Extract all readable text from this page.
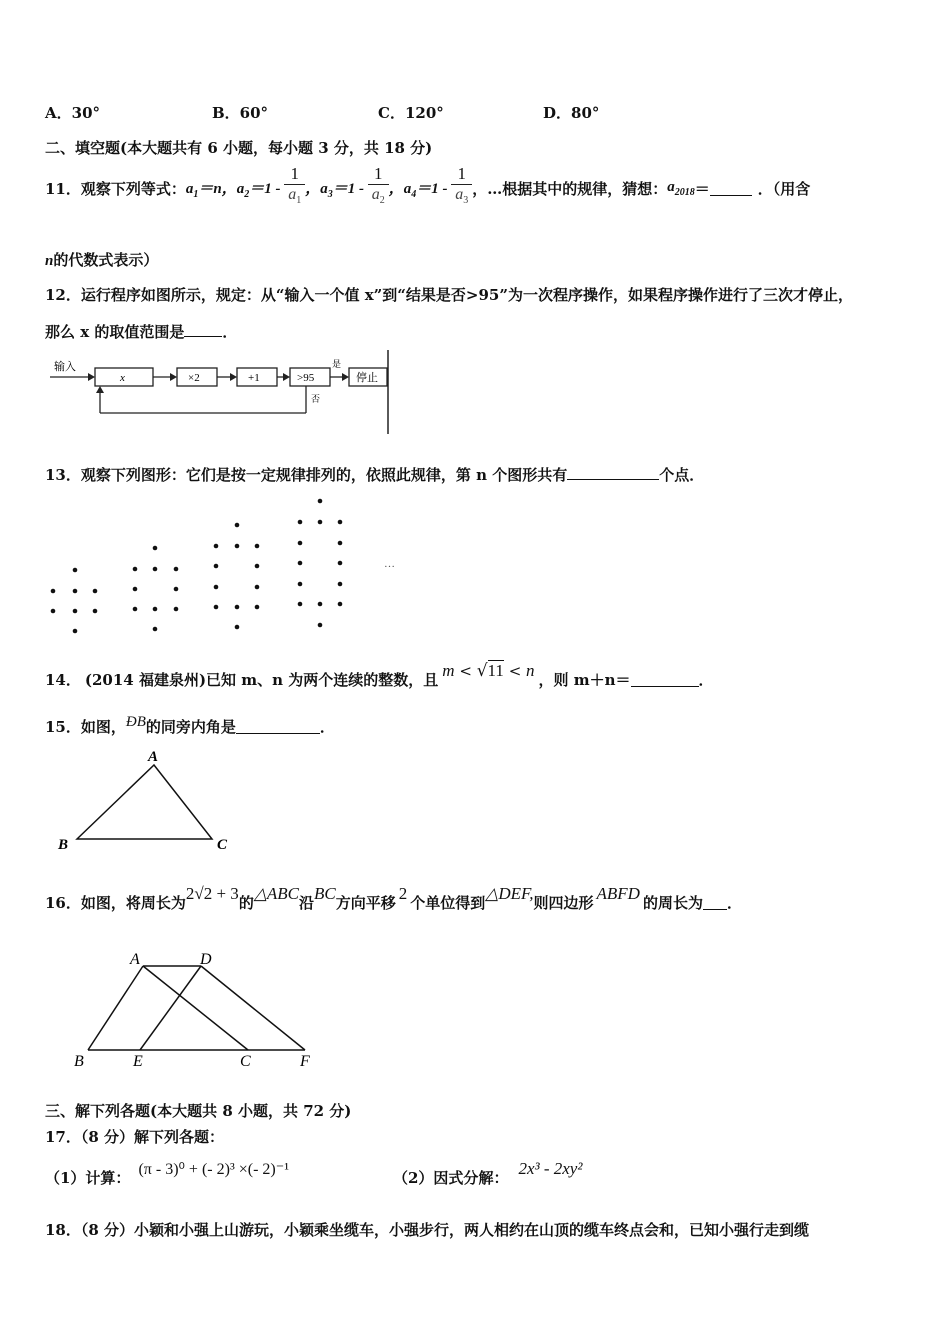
A．30°	B．60°	C．120°	D．80°
二、填空题(本大题共有 6 小题，每小题 3 分，共 18 分)
11． 观察下列等式： $a_1=n$，$a_2=1 - \frac{1}{a_1}$ ，$a_3=1 - \frac{1}{a_2}$ ，$a_4=1 - \frac{1}{a_3}$ ，…根据其中的规律，猜想： $a_{2018}$ ＝	．（用含
n的代数式表示）
12．运行程序如图所示，规定：从“输入一个值 x”到“结果是否>95”为一次程序操作，如果程序操作进行了三次才停止，
那么 x 的取值范围是	．
输入
x	×2	+1	>95
是
停止
否
13．观察下列图形：它们是按一定规律排列的，依照此规律，第 n 个图形共有	个点．
…
14． (2014 福建泉州)已知 m、n 为两个连续的整数，且 m < √11 < n ，则 m＋n＝	．
15． 如图， ÐB 的同旁内角是	．
A
B	C
16． 如图，将周长为 2√2 + 3 的 △ABC 沿 BC 方向平移 2 个单位得到 △DEF, 则四边形 ABFD 的周长为 ．
A	D
B	E	C	F
三、解下列各题(本大题共 8 小题，共 72 分)
17．（8 分）解下列各题：
（1）计算： (π - 3)⁰ + (- 2)³ ×(- 2)⁻¹	（2）因式分解： 2x³ - 2xy²
18．（8 分）小颖和小强上山游玩，小颖乘坐缆车，小强步行，两人相约在山顶的缆车终点会和，已知小强行走到缆
